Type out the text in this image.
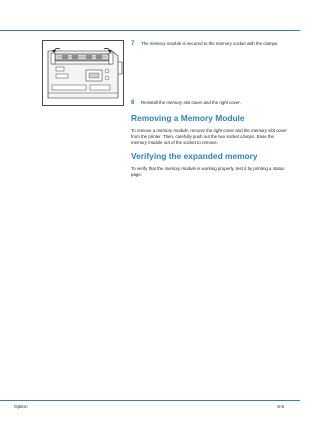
7 The memory module is secured to the memory socket with the clamps.
8 Reinstall the memory slot cover and the right cover.
Removing a Memory Module
To remove a memory module, remove the right cover and the memory slot cover from the printer. Then, carefully push out the two socket clamps. Ease the memory module out of the socket to remove.
Verifying the expanded memory
To verify that the memory module is working properly, test it by printing a status page.
Option	6-5
